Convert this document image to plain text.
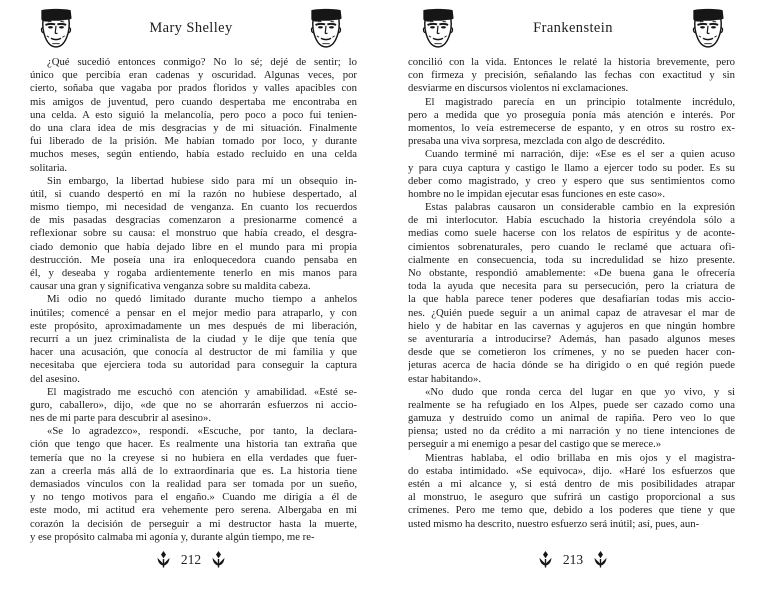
Mary Shelley
¿Qué sucedió entonces conmigo? No lo sé; dejé de sentir; lo
único que percibía eran cadenas y oscuridad. Algunas veces, por
cierto, soñaba que vagaba por prados floridos y valles apacibles con
mis amigos de juventud, pero cuando despertaba me encontraba en
una celda. A esto siguió la melancolía, pero poco a poco fui tenien-
do una clara idea de mis desgracias y de mi situación. Finalmente
fui liberado de la prisión. Me habían tomado por loco, y durante
muchos meses, según entiendo, había estado recluido en una celda
solitaria.
Sin embargo, la libertad hubiese sido para mí un obsequio in-
útil, si cuando despertó en mí la razón no hubiese despertado, al
mismo tiempo, mi necesidad de venganza. En cuanto los recuerdos
de mis pasadas desgracias comenzaron a presionarme comencé a
reflexionar sobre su causa: el monstruo que había creado, el desgra-
ciado demonio que había dejado libre en el mundo para mi propia
destrucción. Me poseía una ira enloquecedora cuando pensaba en
él, y deseaba y rogaba ardientemente tenerlo en mis manos para
causar una gran y significativa venganza sobre su maldita cabeza.
Mi odio no quedó limitado durante mucho tiempo a anhelos
inútiles; comencé a pensar en el mejor medio para atraparlo, y con
este propósito, aproximadamente un mes después de mi liberación,
recurrí a un juez criminalista de la ciudad y le dije que tenía que
hacer una acusación, que conocía al destructor de mi familia y que
necesitaba que ejerciera toda su autoridad para conseguir la captura
del asesino.
El magistrado me escuchó con atención y amabilidad. «Esté se-
guro, caballero», dijo, «de que no se ahorrarán esfuerzos ni accio-
nes de mi parte para descubrir al asesino».
«Se lo agradezco», respondí. «Escuche, por tanto, la declara-
ción que tengo que hacer. Es realmente una historia tan extraña que
temería que no la creyese si no hubiera en ella verdades que fuer-
zan a creerla más allá de lo extraordinaria que es. La historia tiene
demasiados vínculos con la realidad para ser tomada por un sueño,
y no tengo motivos para el engaño.» Cuando me dirigía a él de
este modo, mi actitud era vehemente pero serena. Albergaba en mi
corazón la decisión de perseguir a mi destructor hasta la muerte,
y ese propósito calmaba mi agonía y, durante algún tiempo, me re-
212
Frankenstein
concilió con la vida. Entonces le relaté la historia brevemente, pero
con firmeza y precisión, señalando las fechas con exactitud y sin
desviarme en discursos violentos ni exclamaciones.
El magistrado parecía en un principio totalmente incrédulo,
pero a medida que yo proseguía ponía más atención e interés. Por
momentos, lo veía estremecerse de espanto, y en otros su rostro ex-
presaba una viva sorpresa, mezclada con algo de descrédito.
Cuando terminé mi narración, dije: «Ese es el ser a quien acuso
y para cuya captura y castigo le llamo a ejercer todo su poder. Es su
deber como magistrado, y creo y espero que sus sentimientos como
hombre no le impidan ejecutar esas funciones en este caso».
Estas palabras causaron un considerable cambio en la expresión
de mi interlocutor. Había escuchado la historia creyéndola sólo a
medias como suele hacerse con los relatos de espíritus y de aconte-
cimientos sobrenaturales, pero cuando le reclamé que actuara ofi-
cialmente en consecuencia, toda su incredulidad se hizo presente.
No obstante, respondió amablemente: «De buena gana le ofrecería
toda la ayuda que necesita para su persecución, pero la criatura de
la que habla parece tener poderes que desafiarían todas mis accio-
nes. ¿Quién puede seguir a un animal capaz de atravesar el mar de
hielo y de habitar en las cavernas y agujeros en que ningún hombre
se aventuraría a introducirse? Además, han pasado algunos meses
desde que se cometieron los crímenes, y no se pueden hacer con-
jeturas acerca de hacia dónde se ha dirigido o en qué región puede
estar habitando».
«No dudo que ronda cerca del lugar en que yo vivo, y si
realmente se ha refugiado en los Alpes, puede ser cazado como una
gamuza y destruido como un animal de rapiña. Pero veo lo que
piensa; usted no da crédito a mi narración y no tiene intenciones de
perseguir a mi enemigo a pesar del castigo que se merece.»
Mientras hablaba, el odio brillaba en mis ojos y el magistra-
do estaba intimidado. «Se equivoca», dijo. «Haré los esfuerzos que
estén a mi alcance y, si está dentro de mis posibilidades atrapar
al monstruo, le aseguro que sufrirá un castigo proporcional a sus
crímenes. Pero me temo que, debido a los poderes que tiene y que
usted mismo ha descrito, nuestro esfuerzo será inútil; así, pues, aun-
213
